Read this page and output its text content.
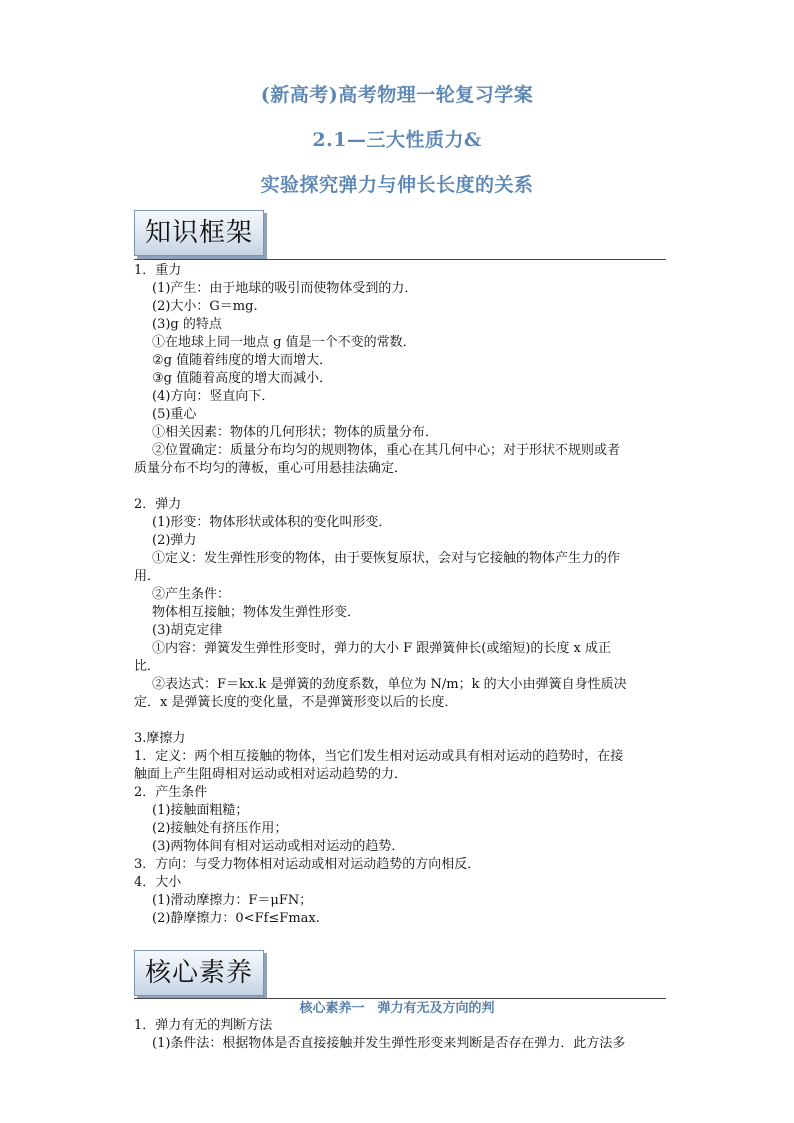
(新高考)高考物理一轮复习学案
2.1—三大性质力&
实验探究弹力与伸长长度的关系
知识框架
1．重力
(1)产生：由于地球的吸引而使物体受到的力．
(2)大小：G＝mg.
(3)g 的特点
①在地球上同一地点 g 值是一个不变的常数．
②g 值随着纬度的增大而增大．
③g 值随着高度的增大而减小．
(4)方向：竖直向下．
(5)重心
①相关因素：物体的几何形状；物体的质量分布．
②位置确定：质量分布均匀的规则物体，重心在其几何中心；对于形状不规则或者
质量分布不均匀的薄板，重心可用悬挂法确定．
2．弹力
(1)形变：物体形状或体积的变化叫形变．
(2)弹力
①定义：发生弹性形变的物体，由于要恢复原状，会对与它接触的物体产生力的作
用．
②产生条件：
物体相互接触；物体发生弹性形变．
(3)胡克定律
①内容：弹簧发生弹性形变时，弹力的大小 F 跟弹簧伸长(或缩短)的长度 x 成正
比．
②表达式：F＝kx.k 是弹簧的劲度系数，单位为 N/m；k 的大小由弹簧自身性质决
定．x 是弹簧长度的变化量，不是弹簧形变以后的长度．
3.摩擦力
1．定义：两个相互接触的物体，当它们发生相对运动或具有相对运动的趋势时，在接
触面上产生阻碍相对运动或相对运动趋势的力．
2．产生条件
(1)接触面粗糙；
(2)接触处有挤压作用；
(3)两物体间有相对运动或相对运动的趋势．
3．方向：与受力物体相对运动或相对运动趋势的方向相反．
4．大小
(1)滑动摩擦力：F＝μFN；
(2)静摩擦力：0<Ff≤Fmax.
核心素养
核心素养一　弹力有无及方向的判
1．弹力有无的判断方法
(1)条件法：根据物体是否直接接触并发生弹性形变来判断是否存在弹力．此方法多
